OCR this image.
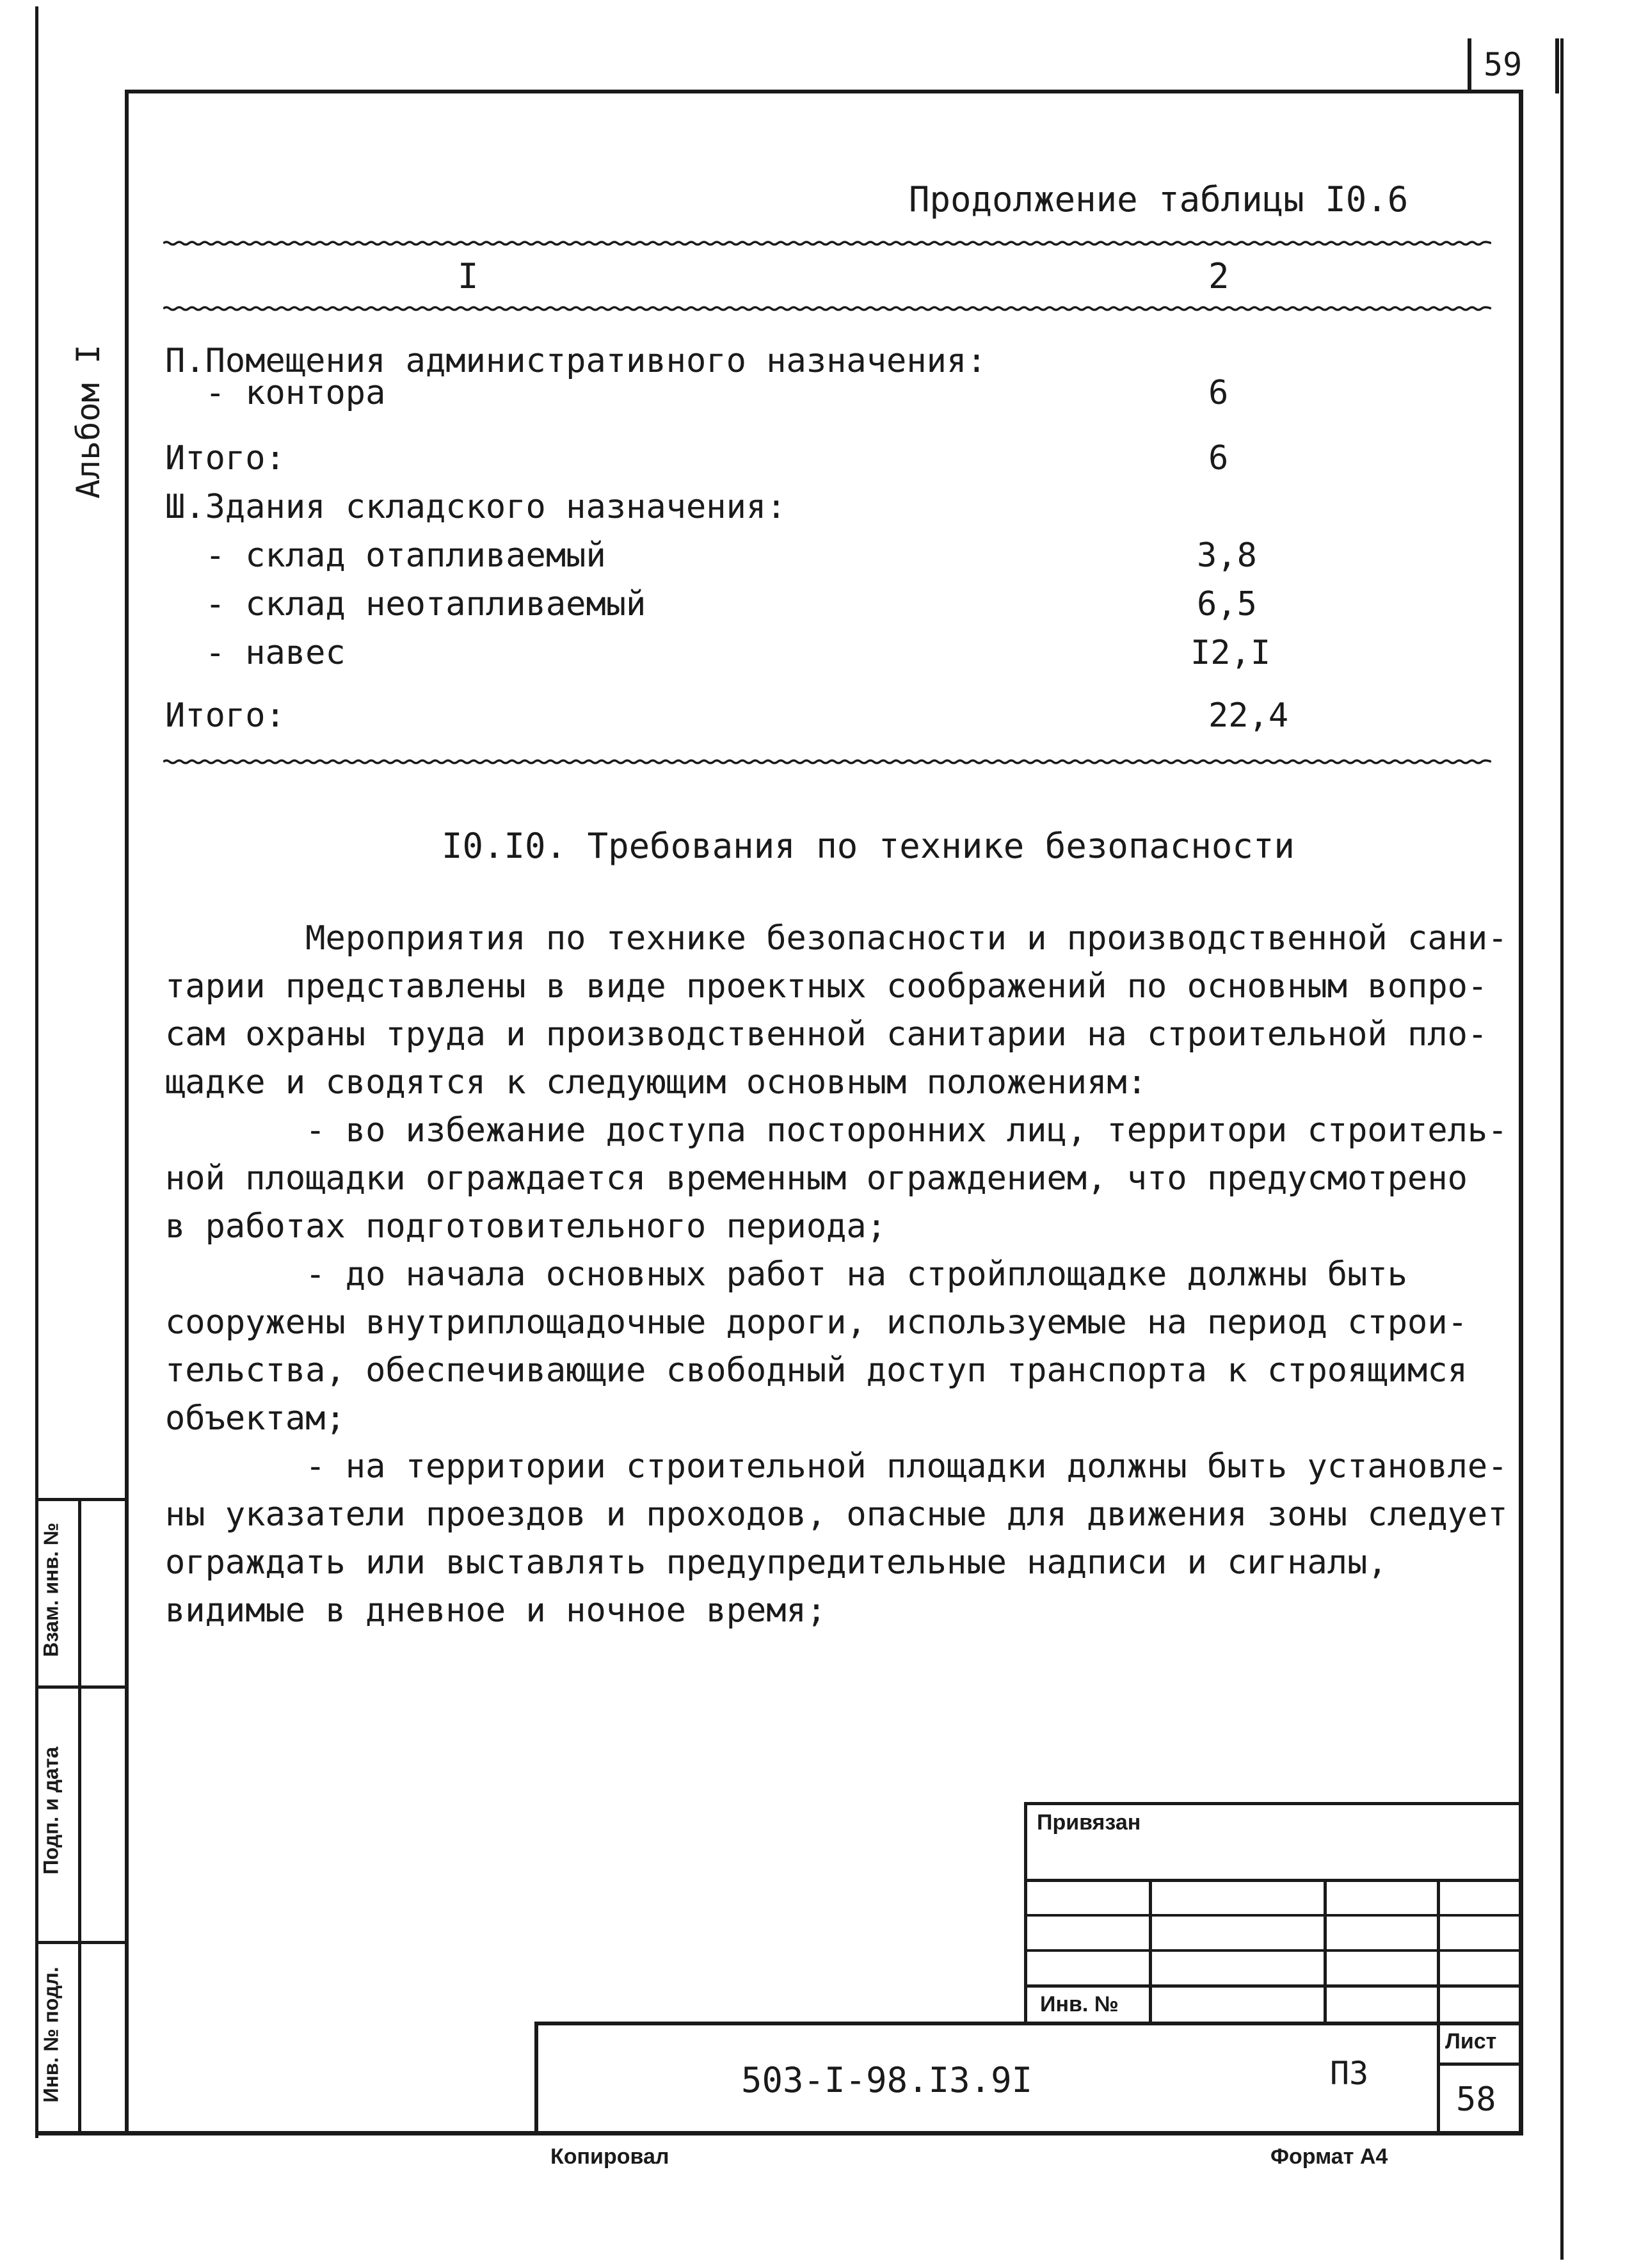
59
Продолжение таблицы I0.6
I	2
П.Помещения административного назначения:
- контора	6
Итого:	6
Ш.Здания складского назначения:
- склад отапливаемый	3,8
- склад неотапливаемый	6,5
- навес	I2,I
Итого:	22,4
I0.I0. Требования по технике безопасности
Мероприятия по технике безопасности и производственной сани-
тарии представлены в виде проектных соображений по основным вопро-
сам охраны труда и производственной санитарии на строительной пло-
щадке и сводятся к следующим основным положениям:
- во избежание доступа посторонних лиц, территори строитель-
ной площадки ограждается временным ограждением, что предусмотрено
в работах подготовительного периода;
- до начала основных работ на стройплощадке должны быть
сооружены внутриплощадочные дороги, используемые на период строи-
тельства, обеспечивающие свободный доступ транспорта к строящимся
объектам;
- на территории строительной площадки должны быть установле-
ны указатели проездов и проходов, опасные для движения зоны следует
ограждать или выставлять предупредительные надписи и сигналы,
видимые в дневное и ночное время;
Альбом I
Взам. инв. №
Подп. и дата
Инв. № подл.
Привязан
Инв. №
503-I-98.I3.9I	ПЗ
Лист
58
Копировал	Формат А4
